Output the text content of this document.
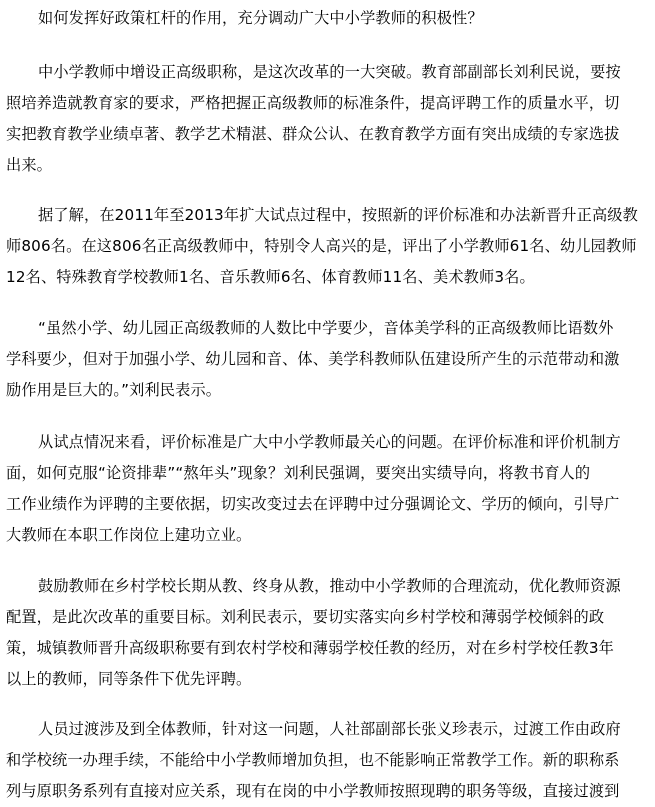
如何发挥好政策杠杆的作用，充分调动广大中小学教师的积极性？
中小学教师中增设正高级职称，是这次改革的一大突破。教育部副部长刘利民说，要按
照培养造就教育家的要求，严格把握正高级教师的标准条件，提高评聘工作的质量水平，切
实把教育教学业绩卓著、教学艺术精湛、群众公认、在教育教学方面有突出成绩的专家选拔
出来。
据了解，在2011年至2013年扩大试点过程中，按照新的评价标准和办法新晋升正高级教
师806名。在这806名正高级教师中，特别令人高兴的是，评出了小学教师61名、幼儿园教师
12名、特殊教育学校教师1名、音乐教师6名、体育教师11名、美术教师3名。
“虽然小学、幼儿园正高级教师的人数比中学要少，音体美学科的正高级教师比语数外
学科要少，但对于加强小学、幼儿园和音、体、美学科教师队伍建设所产生的示范带动和激
励作用是巨大的。”刘利民表示。
从试点情况来看，评价标准是广大中小学教师最关心的问题。在评价标准和评价机制方
面，如何克服“论资排辈”“熬年头”现象？刘利民强调，要突出实绩导向，将教书育人的
工作业绩作为评聘的主要依据，切实改变过去在评聘中过分强调论文、学历的倾向，引导广
大教师在本职工作岗位上建功立业。
鼓励教师在乡村学校长期从教、终身从教，推动中小学教师的合理流动，优化教师资源
配置，是此次改革的重要目标。刘利民表示，要切实落实向乡村学校和薄弱学校倾斜的政
策，城镇教师晋升高级职称要有到农村学校和薄弱学校任教的经历，对在乡村学校任教3年
以上的教师，同等条件下优先评聘。
人员过渡涉及到全体教师，针对这一问题，人社部副部长张义珍表示，过渡工作由政府
和学校统一办理手续，不能给中小学教师增加负担，也不能影响正常教学工作。新的职称系
列与原职务系列有直接对应关系，现有在岗的中小学教师按照现聘的职务等级，直接过渡到
